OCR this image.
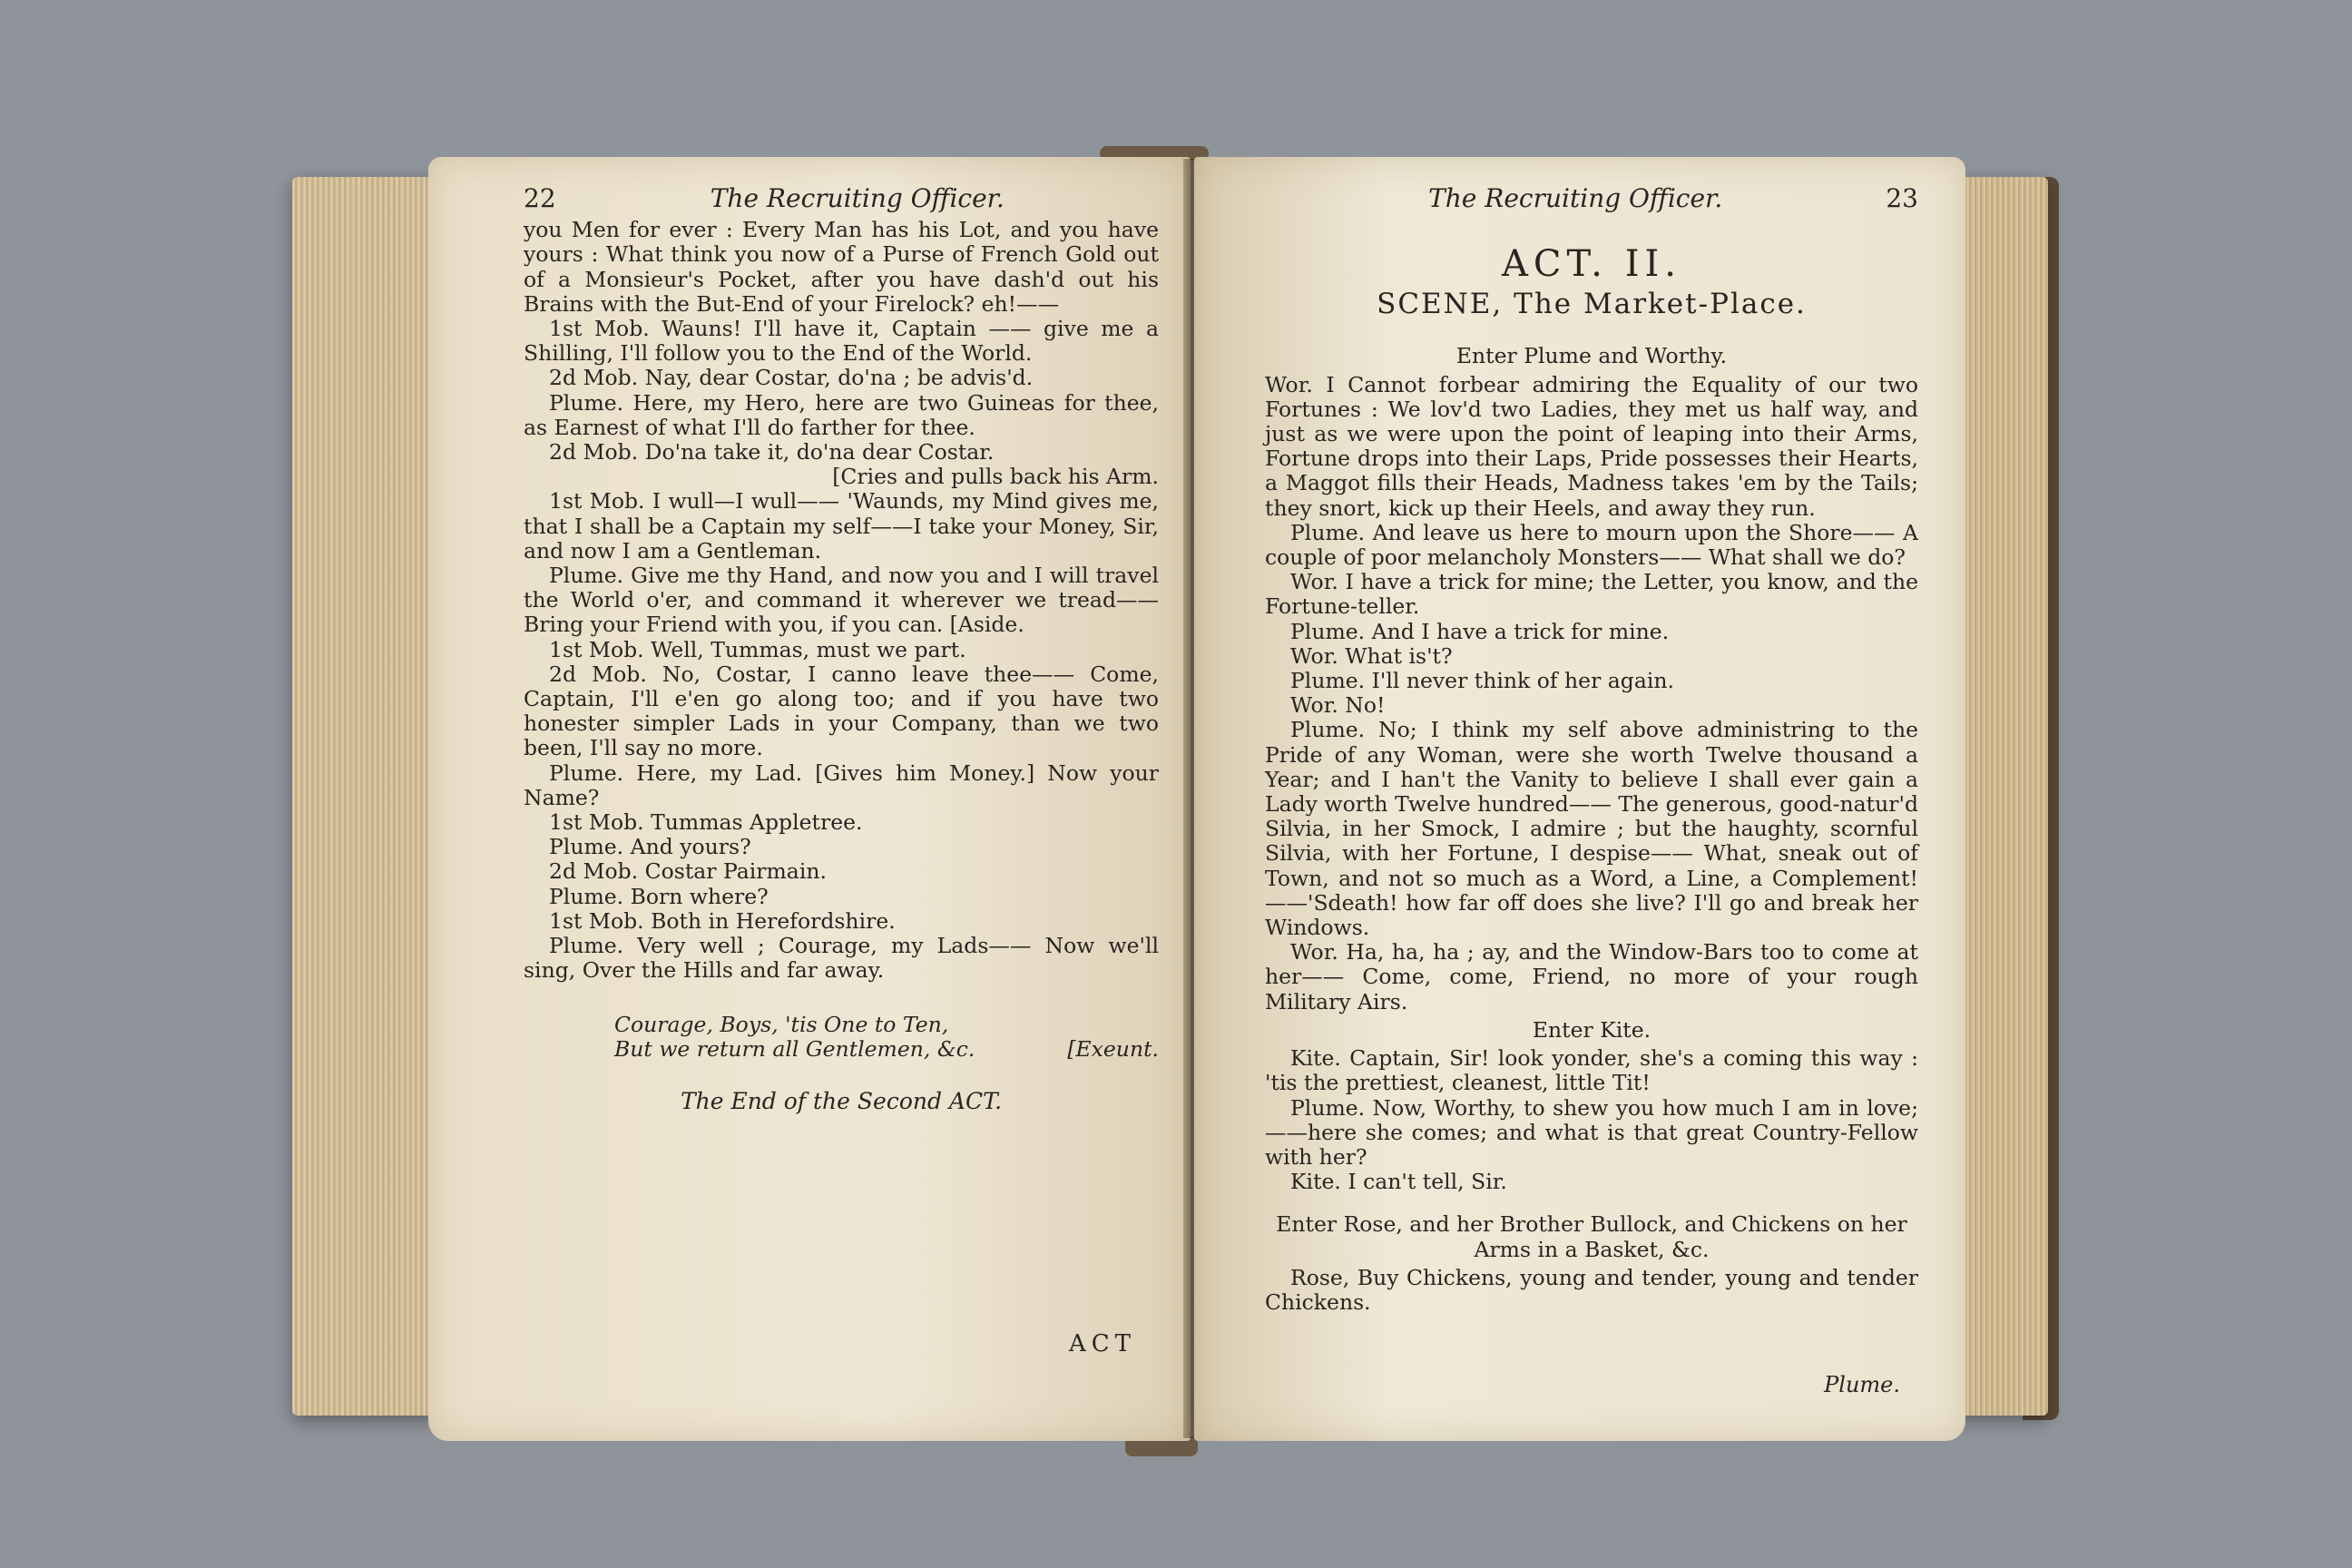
22	The Recruiting Officer.

you Men for ever : Every Man has his Lot, and you have yours : What think you now of a Purse of French Gold out of a Monsieur's Pocket, after you have dash'd out his Brains with the But-End of your Firelock? eh!——

1st Mob. Wauns! I'll have it, Captain —— give me a Shilling, I'll follow you to the End of the World.

2d Mob. Nay, dear Costar, do'na ; be advis'd.

Plume. Here, my Hero, here are two Guineas for thee, as Earnest of what I'll do farther for thee.

2d Mob. Do'na take it, do'na dear Costar.

[Cries and pulls back his Arm.

1st Mob. I wull—I wull—— 'Waunds, my Mind gives me, that I shall be a Captain my self——I take your Money, Sir, and now I am a Gentleman.

Plume. Give me thy Hand, and now you and I will travel the World o'er, and command it wherever we tread—— Bring your Friend with you, if you can. [Aside.

1st Mob. Well, Tummas, must we part.

2d Mob. No, Costar, I canno leave thee—— Come, Captain, I'll e'en go along too; and if you have two honester simpler Lads in your Company, than we two been, I'll say no more.

Plume. Here, my Lad. [Gives him Money.] Now your Name?

1st Mob. Tummas Appletree.

Plume. And yours?

2d Mob. Costar Pairmain.

Plume. Born where?

1st Mob. Both in Herefordshire.

Plume. Very well ; Courage, my Lads—— Now we'll sing, Over the Hills and far away.

Courage, Boys, 'tis One to Ten,
But we return all Gentlemen, &c.	[Exeunt.
The End of the Second ACT.
ACT
The Recruiting Officer.	23
ACT. II.
SCENE, The Market-Place.
Enter Plume and Worthy.

Wor. I Cannot forbear admiring the Equality of our two Fortunes : We lov'd two Ladies, they met us half way, and just as we were upon the point of leaping into their Arms, Fortune drops into their Laps, Pride possesses their Hearts, a Maggot fills their Heads, Madness takes 'em by the Tails; they snort, kick up their Heels, and away they run.

Plume. And leave us here to mourn upon the Shore—— A couple of poor melancholy Monsters—— What shall we do?

Wor. I have a trick for mine; the Letter, you know, and the Fortune-teller.

Plume. And I have a trick for mine.

Wor. What is't?

Plume. I'll never think of her again.

Wor. No!

Plume. No; I think my self above administring to the Pride of any Woman, were she worth Twelve thousand a Year; and I han't the Vanity to believe I shall ever gain a Lady worth Twelve hundred—— The generous, good-natur'd Silvia, in her Smock, I admire ; but the haughty, scornful Silvia, with her Fortune, I despise—— What, sneak out of Town, and not so much as a Word, a Line, a Complement! ——'Sdeath! how far off does she live? I'll go and break her Windows.

Wor. Ha, ha, ha ; ay, and the Window-Bars too to come at her—— Come, come, Friend, no more of your rough Military Airs.

Enter Kite.

Kite. Captain, Sir! look yonder, she's a coming this way : 'tis the prettiest, cleanest, little Tit!

Plume. Now, Worthy, to shew you how much I am in love; ——here she comes; and what is that great Country-Fellow with her?

Kite. I can't tell, Sir.

Enter Rose, and her Brother Bullock, and Chickens on her Arms in a Basket, &c.

Rose, Buy Chickens, young and tender, young and tender Chickens.

Plume.
